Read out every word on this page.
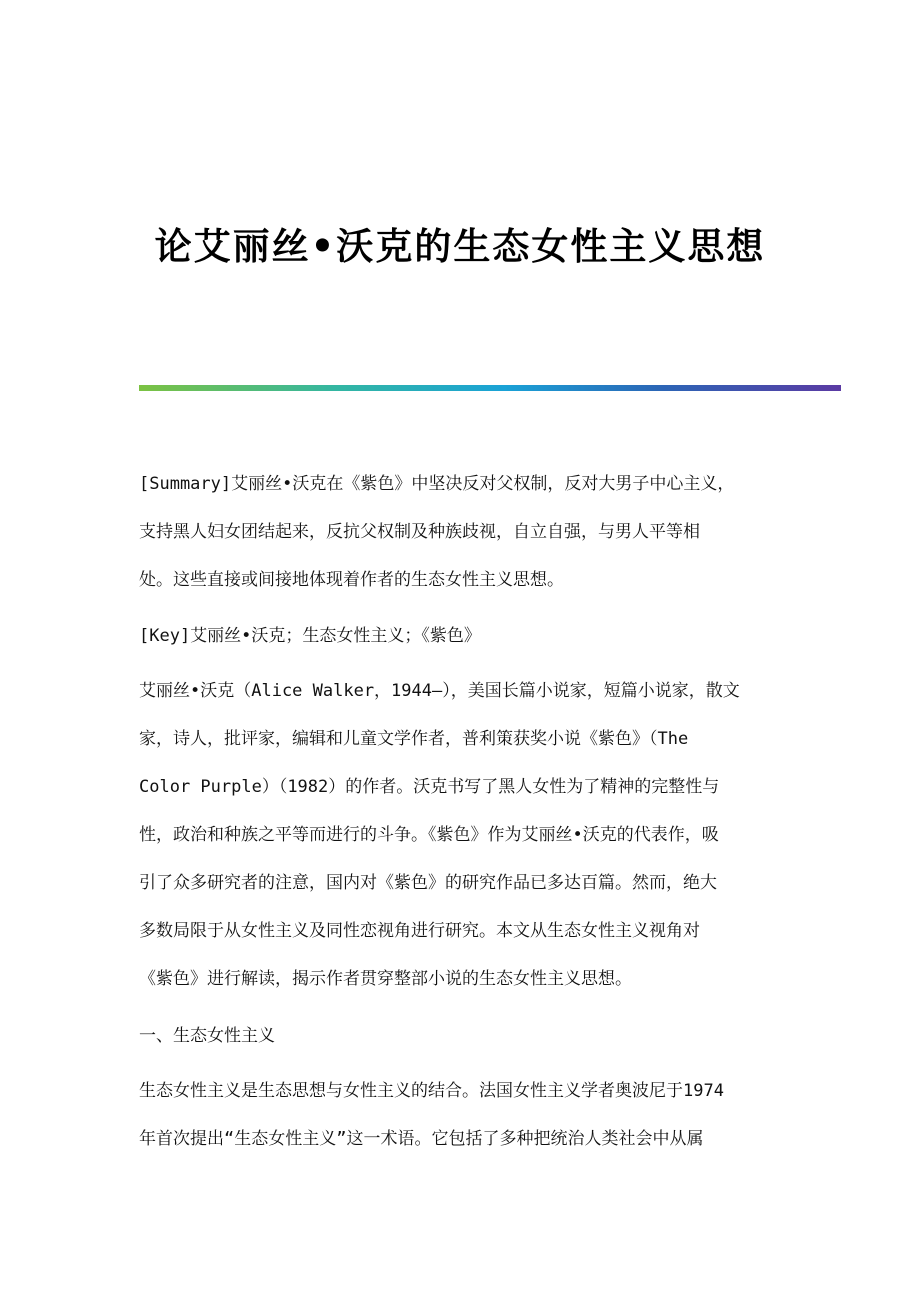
论艾丽丝•沃克的生态女性主义思想
[Summary]艾丽丝•沃克在《紫色》中坚决反对父权制，反对大男子中心主义，
支持黑人妇女团结起来，反抗父权制及种族歧视，自立自强，与男人平等相
处。这些直接或间接地体现着作者的生态女性主义思想。
[Key]艾丽丝•沃克；生态女性主义；《紫色》
艾丽丝•沃克（Alice Walker，1944—），美国长篇小说家，短篇小说家，散文
家，诗人，批评家，编辑和儿童文学作者，普利策获奖小说《紫色》（The
Color Purple）（1982）的作者。沃克书写了黑人女性为了精神的完整性与
性，政治和种族之平等而进行的斗争。《紫色》作为艾丽丝•沃克的代表作，吸
引了众多研究者的注意，国内对《紫色》的研究作品已多达百篇。然而，绝大
多数局限于从女性主义及同性恋视角进行研究。本文从生态女性主义视角对
《紫色》进行解读，揭示作者贯穿整部小说的生态女性主义思想。
一、生态女性主义
生态女性主义是生态思想与女性主义的结合。法国女性主义学者奥波尼于1974
年首次提出“生态女性主义”这一术语。它包括了多种把统治人类社会中从属
